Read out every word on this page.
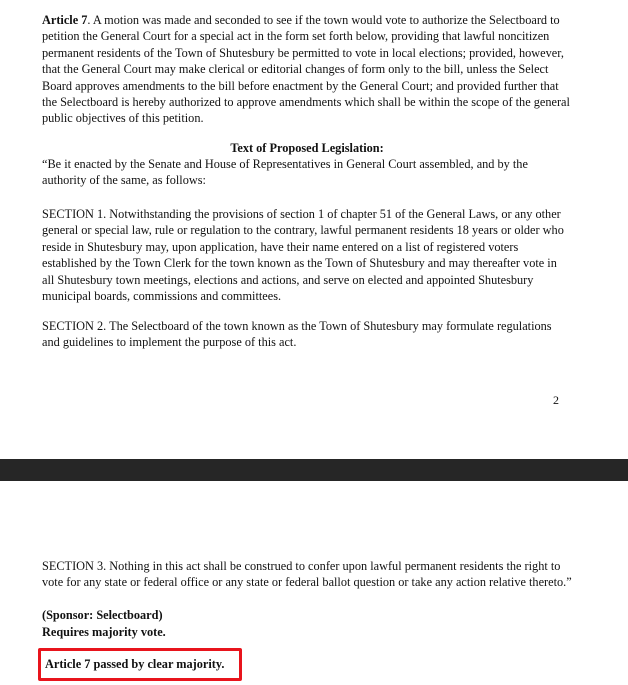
Article 7. A motion was made and seconded to see if the town would vote to authorize the Selectboard to petition the General Court for a special act in the form set forth below, providing that lawful noncitizen permanent residents of the Town of Shutesbury be permitted to vote in local elections; provided, however, that the General Court may make clerical or editorial changes of form only to the bill, unless the Select Board approves amendments to the bill before enactment by the General Court; and provided further that the Selectboard is hereby authorized to approve amendments which shall be within the scope of the general public objectives of this petition.

Text of Proposed Legislation:

“Be it enacted by the Senate and House of Representatives in General Court assembled, and by the authority of the same, as follows:

SECTION 1. Notwithstanding the provisions of section 1 of chapter 51 of the General Laws, or any other general or special law, rule or regulation to the contrary, lawful permanent residents 18 years or older who reside in Shutesbury may, upon application, have their name entered on a list of registered voters established by the Town Clerk for the town known as the Town of Shutesbury and may thereafter vote in all Shutesbury town meetings, elections and actions, and serve on elected and appointed Shutesbury municipal boards, commissions and committees.

SECTION 2. The Selectboard of the town known as the Town of Shutesbury may formulate regulations and guidelines to implement the purpose of this act.

2

SECTION 3. Nothing in this act shall be construed to confer upon lawful permanent residents the right to vote for any state or federal office or any state or federal ballot question or take any action relative thereto.”

(Sponsor: Selectboard)

Requires majority vote.

Article 7 passed by clear majority.
